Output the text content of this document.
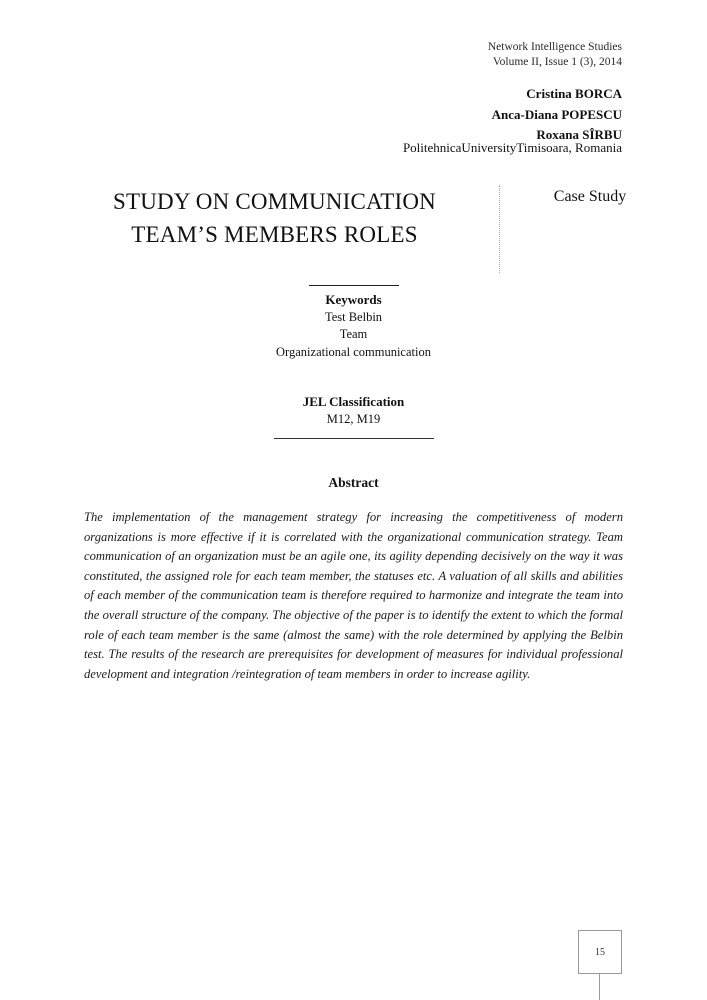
Network Intelligence Studies
Volume II, Issue 1 (3), 2014
Cristina BORCA
Anca-Diana POPESCU
Roxana SÎRBU
PolitehnicaUniversityTimisoara, Romania
STUDY ON COMMUNICATION
TEAM’S MEMBERS ROLES
Case Study
Keywords
Test Belbin
Team
Organizational communication
JEL Classification
M12, M19
Abstract
The implementation of the management strategy for increasing the competitiveness of modern organizations is more effective if it is correlated with the organizational communication strategy. Team communication of an organization must be an agile one, its agility depending decisively on the way it was constituted, the assigned role for each team member, the statuses etc. A valuation of all skills and abilities of each member of the communication team is therefore required to harmonize and integrate the team into the overall structure of the company. The objective of the paper is to identify the extent to which the formal role of each team member is the same (almost the same) with the role determined by applying the Belbin test. The results of the research are prerequisites for development of measures for individual professional development and integration /reintegration of team members in order to increase agility.
15
